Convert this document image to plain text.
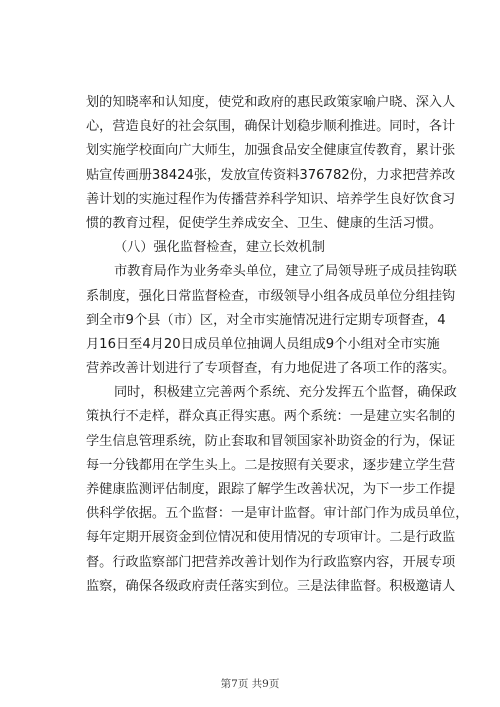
划的知晓率和认知度，使党和政府的惠民政策家喻户晓、深入人
心，营造良好的社会氛围，确保计划稳步顺利推进。同时，各计
划实施学校面向广大师生，加强食品安全健康宣传教育，累计张
贴宣传画册38424张，发放宣传资料376782份，力求把营养改
善计划的实施过程作为传播营养科学知识、培养学生良好饮食习
惯的教育过程，促使学生养成安全、卫生、健康的生活习惯。
（八）强化监督检查，建立长效机制
市教育局作为业务牵头单位，建立了局领导班子成员挂钩联
系制度，强化日常监督检查，市级领导小组各成员单位分组挂钩
到全市9个县（市）区，对全市实施情况进行定期专项督查，4
月16日至4月20日成员单位抽调人员组成9个小组对全市实施
营养改善计划进行了专项督查，有力地促进了各项工作的落实。
同时，积极建立完善两个系统、充分发挥五个监督，确保政
策执行不走样，群众真正得实惠。两个系统：一是建立实名制的
学生信息管理系统，防止套取和冒领国家补助资金的行为，保证
每一分钱都用在学生头上。二是按照有关要求，逐步建立学生营
养健康监测评估制度，跟踪了解学生改善状况，为下一步工作提
供科学依据。五个监督：一是审计监督。审计部门作为成员单位，
每年定期开展资金到位情况和使用情况的专项审计。二是行政监
督。行政监察部门把营养改善计划作为行政监察内容，开展专项
监察，确保各级政府责任落实到位。三是法律监督。积极邀请人
第7页 共9页
